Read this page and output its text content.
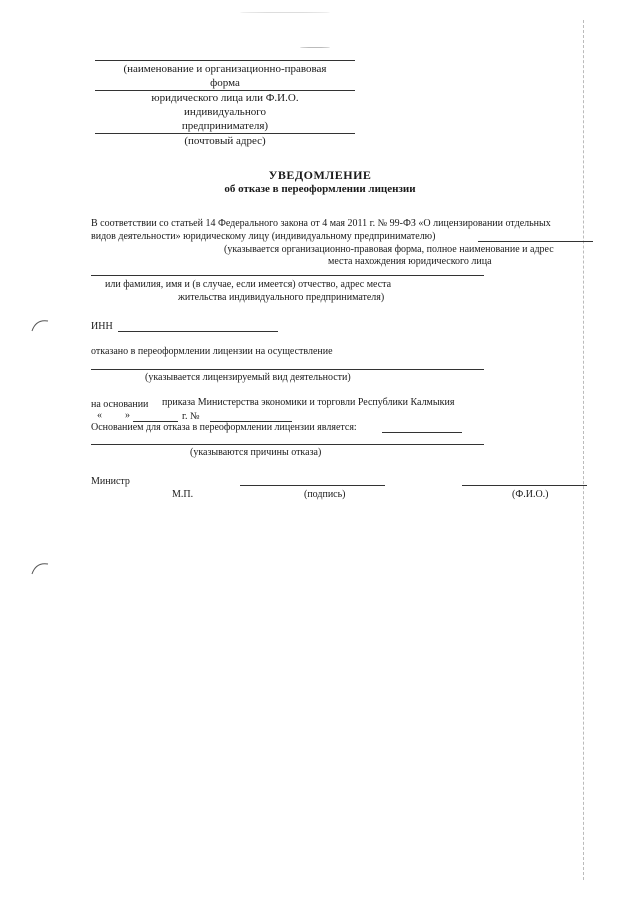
(наименование и организационно-правовая
форма
юридического лица или Ф.И.О.
индивидуального
предпринимателя)
(почтовый адрес)
УВЕДОМЛЕНИЕ
об отказе в переоформлении лицензии
В соответствии со статьей 14 Федерального закона от 4 мая 2011 г. № 99-ФЗ «О лицензировании отдельных
видов деятельности» юридическому лицу (индивидуальному предпринимателю)
(указывается организационно-правовая форма, полное наименование и адрес
места нахождения юридического лица
или фамилия, имя и (в случае, если имеется) отчество, адрес места
жительства индивидуального предпринимателя)
ИНН
отказано в переоформлении лицензии на осуществление
(указывается лицензируемый вид деятельности)
на основании приказа Министерства экономики и торговли Республики Калмыкия
« »	г. №
Основанием для отказа в переоформлении лицензии является:
(указываются причины отказа)
Министр
М.П.	(подпись)	(Ф.И.О.)
